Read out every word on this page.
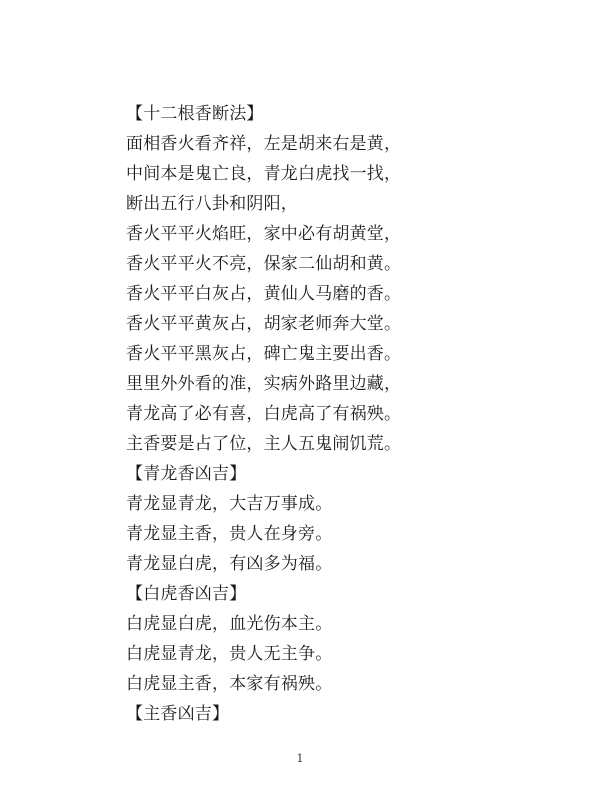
【十二根香断法】
面相香火看齐祥，左是胡来右是黄，
中间本是鬼亡良，青龙白虎找一找，
断出五行八卦和阴阳，
香火平平火焰旺，家中必有胡黄堂，
香火平平火不亮，保家二仙胡和黄。
香火平平白灰占，黄仙人马磨的香。
香火平平黄灰占，胡家老师奔大堂。
香火平平黑灰占，碑亡鬼主要出香。
里里外外看的准，实病外路里边藏，
青龙高了必有喜，白虎高了有祸殃。
主香要是占了位，主人五鬼闹饥荒。
【青龙香凶吉】
青龙显青龙，大吉万事成。
青龙显主香，贵人在身旁。
青龙显白虎，有凶多为福。
【白虎香凶吉】
白虎显白虎，血光伤本主。
白虎显青龙，贵人无主争。
白虎显主香，本家有祸殃。
【主香凶吉】
1
